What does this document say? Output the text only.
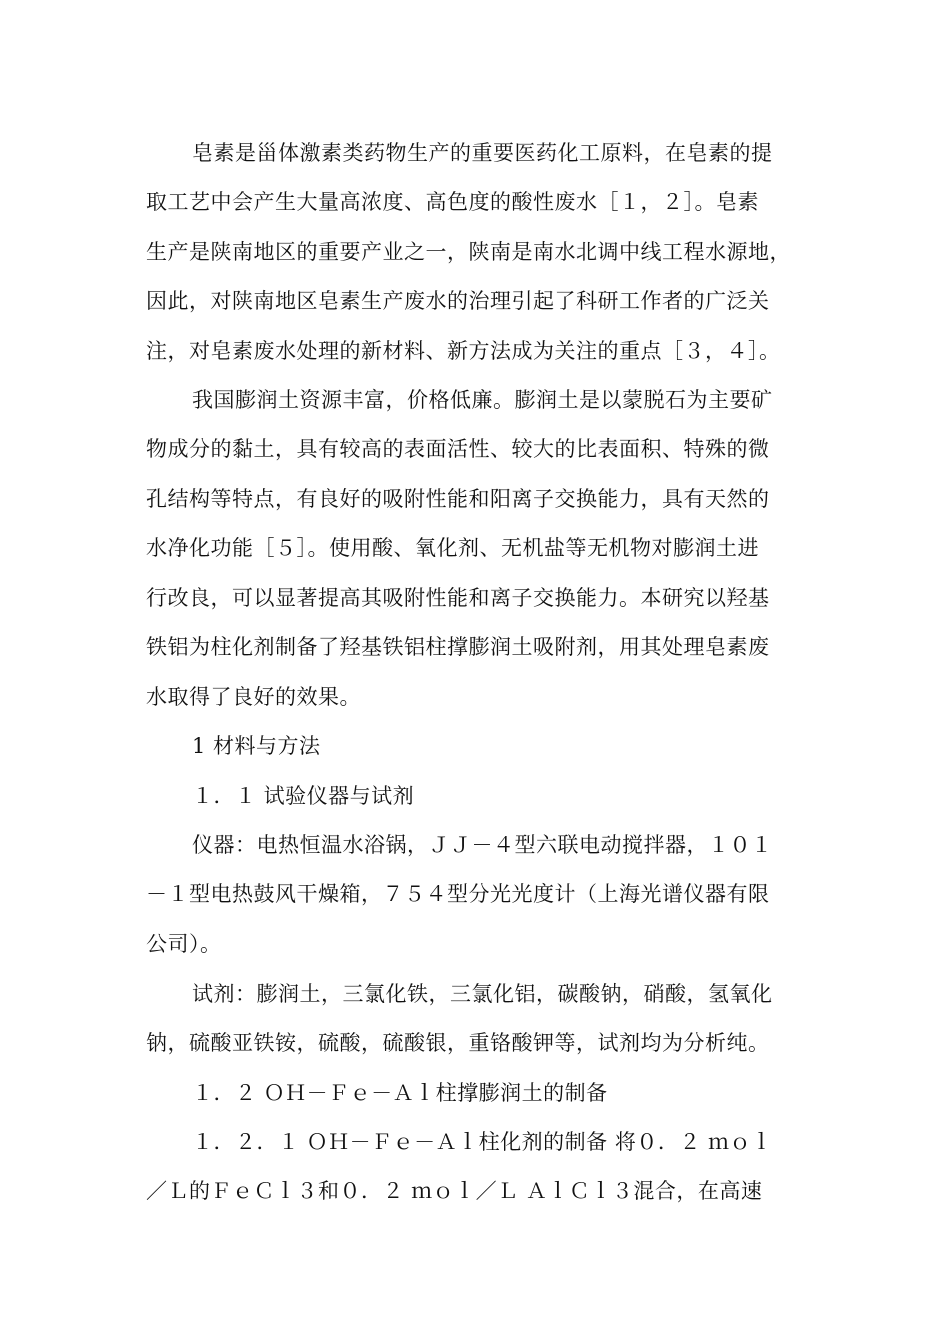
皂素是甾体激素类药物生产的重要医药化工原料，在皂素的提
取工艺中会产生大量高浓度、高色度的酸性废水［１，２］。皂素
生产是陕南地区的重要产业之一，陕南是南水北调中线工程水源地，
因此，对陕南地区皂素生产废水的治理引起了科研工作者的广泛关
注，对皂素废水处理的新材料、新方法成为关注的重点［３，４］。
我国膨润土资源丰富，价格低廉。膨润土是以蒙脱石为主要矿
物成分的黏土，具有较高的表面活性、较大的比表面积、特殊的微
孔结构等特点，有良好的吸附性能和阳离子交换能力，具有天然的
水净化功能［５］。使用酸、氧化剂、无机盐等无机物对膨润土进
行改良，可以显著提高其吸附性能和离子交换能力。本研究以羟基
铁铝为柱化剂制备了羟基铁铝柱撑膨润土吸附剂，用其处理皂素废
水取得了良好的效果。
1 材料与方法
１．１ 试验仪器与试剂
仪器：电热恒温水浴锅，ＪＪ－４型六联电动搅拌器，１０１
－１型电热鼓风干燥箱，７５４型分光光度计（上海光谱仪器有限
公司）。
试剂：膨润土，三氯化铁，三氯化铝，碳酸钠，硝酸，氢氧化
钠，硫酸亚铁铵，硫酸，硫酸银，重铬酸钾等，试剂均为分析纯。
１．２ ＯＨ－Ｆｅ－Ａｌ柱撑膨润土的制备
１．２．１ ＯＨ－Ｆｅ－Ａｌ柱化剂的制备 将０．２ ｍｏｌ
／Ｌ的ＦｅＣｌ３和０．２ ｍｏｌ／Ｌ ＡｌＣｌ３混合，在高速
